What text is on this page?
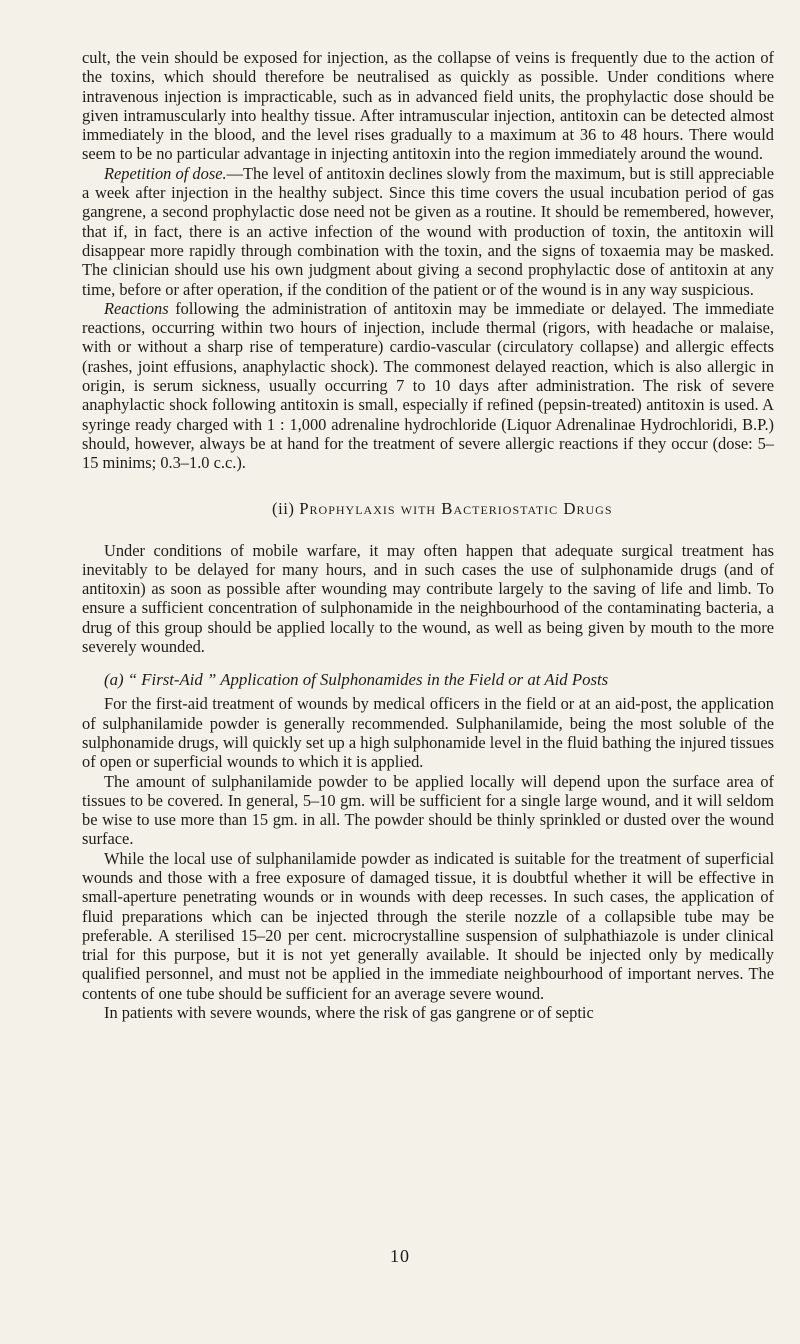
cult, the vein should be exposed for injection, as the collapse of veins is frequently due to the action of the toxins, which should therefore be neutralised as quickly as possible. Under conditions where intravenous injection is impracticable, such as in advanced field units, the prophylactic dose should be given intramuscularly into healthy tissue. After intramuscular injection, antitoxin can be detected almost immediately in the blood, and the level rises gradually to a maximum at 36 to 48 hours. There would seem to be no particular advantage in injecting antitoxin into the region immediately around the wound.

Repetition of dose.—The level of antitoxin declines slowly from the maximum, but is still appreciable a week after injection in the healthy subject. Since this time covers the usual incubation period of gas gangrene, a second prophylactic dose need not be given as a routine. It should be remembered, however, that if, in fact, there is an active infection of the wound with production of toxin, the antitoxin will disappear more rapidly through combination with the toxin, and the signs of toxaemia may be masked. The clinician should use his own judgment about giving a second prophylactic dose of antitoxin at any time, before or after operation, if the condition of the patient or of the wound is in any way suspicious.

Reactions following the administration of antitoxin may be immediate or delayed. The immediate reactions, occurring within two hours of injection, include thermal (rigors, with headache or malaise, with or without a sharp rise of temperature) cardio-vascular (circulatory collapse) and allergic effects (rashes, joint effusions, anaphylactic shock). The commonest delayed reaction, which is also allergic in origin, is serum sickness, usually occurring 7 to 10 days after administration. The risk of severe anaphylactic shock following antitoxin is small, especially if refined (pepsin-treated) antitoxin is used. A syringe ready charged with 1 : 1,000 adrenaline hydrochloride (Liquor Adrenalinae Hydrochloridi, B.P.) should, however, always be at hand for the treatment of severe allergic reactions if they occur (dose: 5–15 minims; 0.3–1.0 c.c.).

(ii) Prophylaxis with Bacteriostatic Drugs

Under conditions of mobile warfare, it may often happen that adequate surgical treatment has inevitably to be delayed for many hours, and in such cases the use of sulphonamide drugs (and of antitoxin) as soon as possible after wounding may contribute largely to the saving of life and limb. To ensure a sufficient concentration of sulphonamide in the neighbourhood of the contaminating bacteria, a drug of this group should be applied locally to the wound, as well as being given by mouth to the more severely wounded.

(a) “ First-Aid ” Application of Sulphonamides in the Field or at Aid Posts

For the first-aid treatment of wounds by medical officers in the field or at an aid-post, the application of sulphanilamide powder is generally recommended. Sulphanilamide, being the most soluble of the sulphonamide drugs, will quickly set up a high sulphonamide level in the fluid bathing the injured tissues of open or superficial wounds to which it is applied.

The amount of sulphanilamide powder to be applied locally will depend upon the surface area of tissues to be covered. In general, 5–10 gm. will be sufficient for a single large wound, and it will seldom be wise to use more than 15 gm. in all. The powder should be thinly sprinkled or dusted over the wound surface.

While the local use of sulphanilamide powder as indicated is suitable for the treatment of superficial wounds and those with a free exposure of damaged tissue, it is doubtful whether it will be effective in small-aperture penetrating wounds or in wounds with deep recesses. In such cases, the application of fluid preparations which can be injected through the sterile nozzle of a collapsible tube may be preferable. A sterilised 15–20 per cent. microcrystalline suspension of sulphathiazole is under clinical trial for this purpose, but it is not yet generally available. It should be injected only by medically qualified personnel, and must not be applied in the immediate neighbourhood of important nerves. The contents of one tube should be sufficient for an average severe wound.

In patients with severe wounds, where the risk of gas gangrene or of septic

10
